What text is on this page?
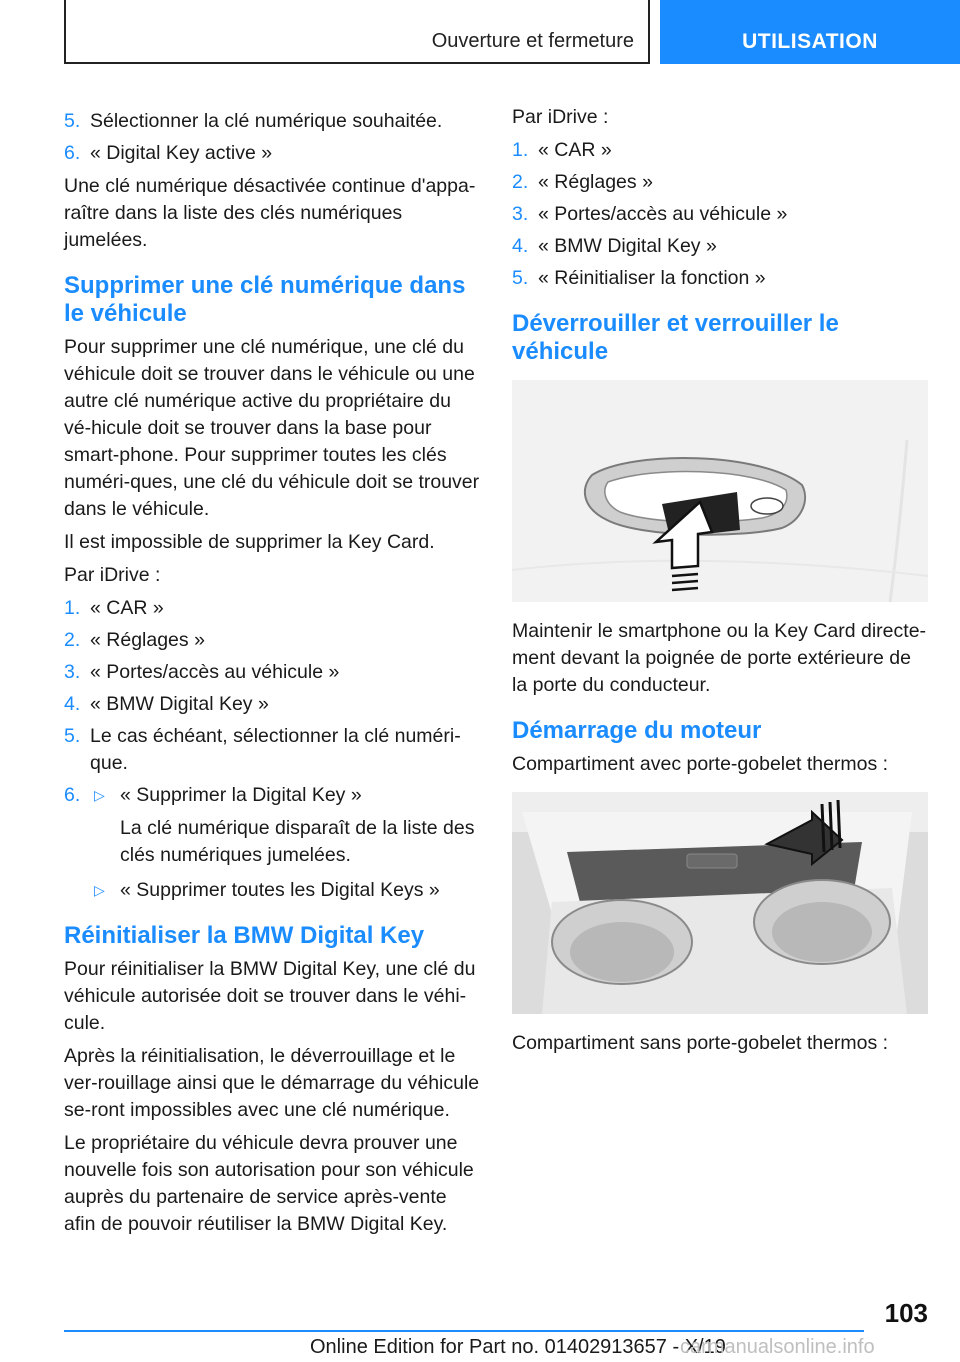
Ouverture et fermeture	UTILISATION
5. Sélectionner la clé numérique souhaitée.
6. « Digital Key active »

Une clé numérique désactivée continue d'appa-raître dans la liste des clés numériques jumelées.

Supprimer une clé numérique dans le véhicule

Pour supprimer une clé numérique, une clé du véhicule doit se trouver dans le véhicule ou une autre clé numérique active du propriétaire du vé-hicule doit se trouver dans la base pour smart-phone. Pour supprimer toutes les clés numéri-ques, une clé du véhicule doit se trouver dans le véhicule.

Il est impossible de supprimer la Key Card.

Par iDrive :

1. « CAR »
2. « Réglages »
3. « Portes/accès au véhicule »
4. « BMW Digital Key »
5. Le cas échéant, sélectionner la clé numéri-que.
6. ▷ « Supprimer la Digital Key »
La clé numérique disparaît de la liste des clés numériques jumelées.
▷ « Supprimer toutes les Digital Keys »
Réinitialiser la BMW Digital Key

Pour réinitialiser la BMW Digital Key, une clé du véhicule autorisée doit se trouver dans le véhi-cule.

Après la réinitialisation, le déverrouillage et le ver-rouillage ainsi que le démarrage du véhicule se-ront impossibles avec une clé numérique.

Le propriétaire du véhicule devra prouver une nouvelle fois son autorisation pour son véhicule auprès du partenaire de service après-vente afin de pouvoir réutiliser la BMW Digital Key.

Par iDrive :

1. « CAR »
2. « Réglages »
3. « Portes/accès au véhicule »
4. « BMW Digital Key »
5. « Réinitialiser la fonction »
Déverrouiller et verrouiller le véhicule

Maintenir le smartphone ou la Key Card directe-ment devant la poignée de porte extérieure de la porte du conducteur.

Démarrage du moteur

Compartiment avec porte-gobelet thermos :

Compartiment sans porte-gobelet thermos :

103
Online Edition for Part no. 01402913657 - X/19
carmanualsonline.info
